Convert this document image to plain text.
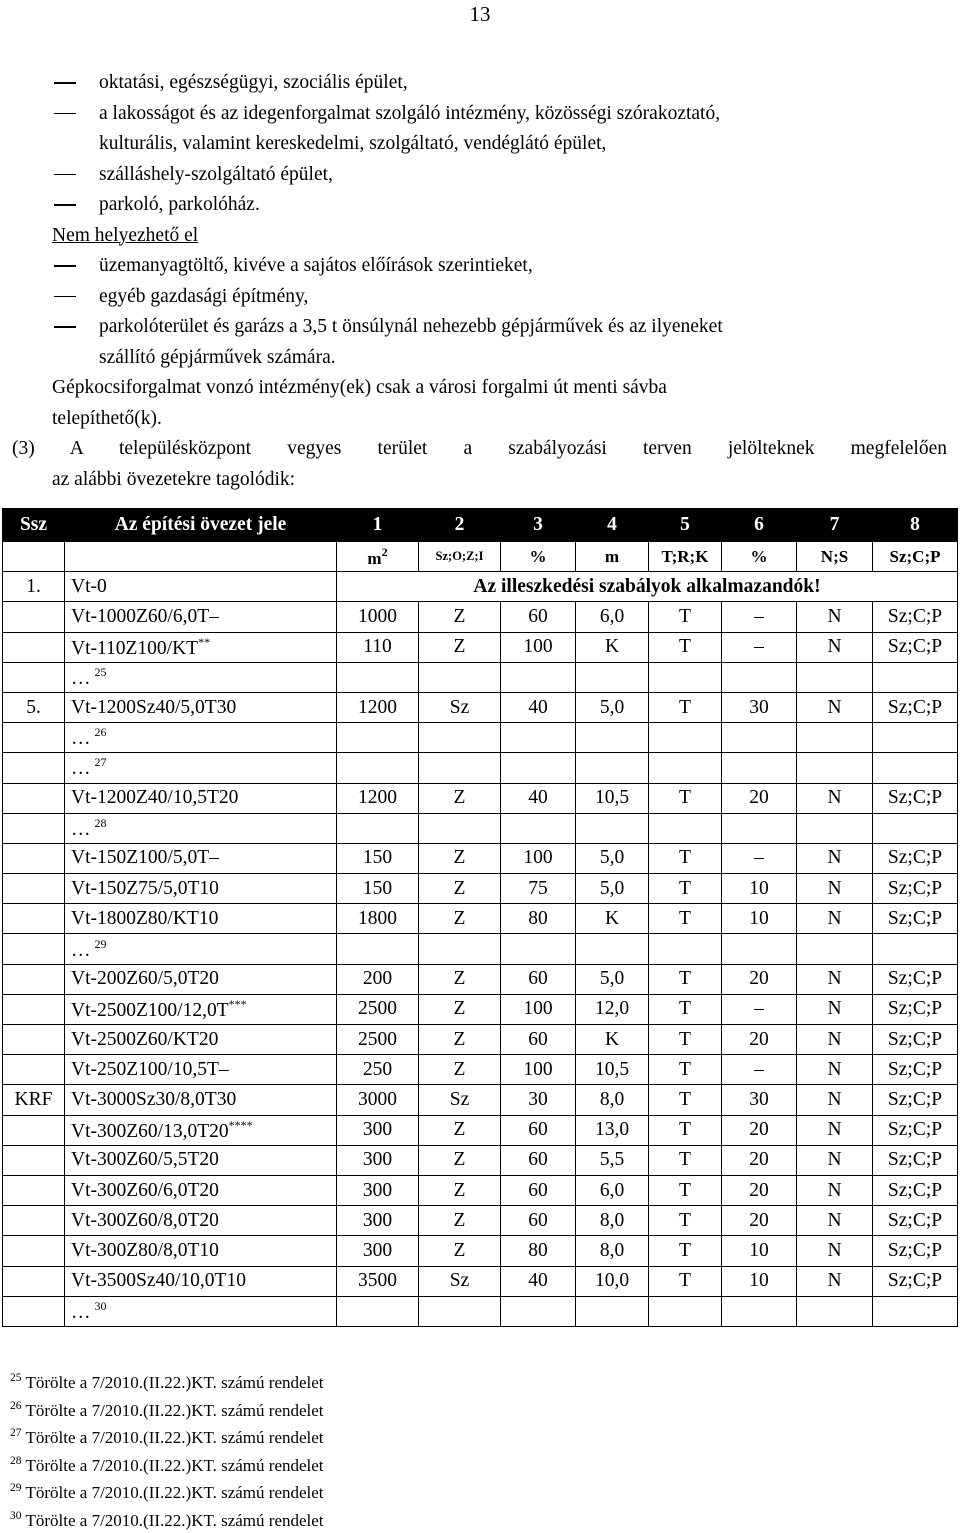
13
oktatási, egészségügyi, szociális épület,
a lakosságot és az idegenforgalmat szolgáló intézmény, közösségi szórakoztató,
kulturális, valamint kereskedelmi, szolgáltató, vendéglátó épület,
szálláshely-szolgáltató épület,
parkoló, parkolóház.
Nem helyezhető el
üzemanyagtöltő, kivéve a sajátos előírások szerintieket,
egyéb gazdasági építmény,
parkolóterület és garázs a 3,5 t önsúlynál nehezebb gépjárművek és az ilyeneket
szállító gépjárművek számára.
Gépkocsiforgalmat vonzó intézmény(ek) csak a városi forgalmi út menti sávba
telepíthető(k).
(3) A településközpont vegyes terület a szabályozási terven jelölteknek megfelelően
az alábbi övezetekre tagolódik:
Ssz	Az építési övezet jele	1	2	3	4	5	6	7	8
		$m^2$	Sz;O;Z;I	%	m	T;R;K	%	N;S	Sz;C;P
1.	Vt-0	Az illeszkedési szabályok alkalmazandók!							
	Vt-1000Z60/6,0T–	1000	Z	60	6,0	T	–	N	Sz;C;P
	Vt-110Z100/KT**	110	Z	100	K	T	–	N	Sz;C;P
	… $^{25}$								
5.	Vt-1200Sz40/5,0T30	1200	Sz	40	5,0	T	30	N	Sz;C;P
	… $^{26}$								
	… $^{27}$								
	Vt-1200Z40/10,5T20	1200	Z	40	10,5	T	20	N	Sz;C;P
	… $^{28}$								
	Vt-150Z100/5,0T–	150	Z	100	5,0	T	–	N	Sz;C;P
	Vt-150Z75/5,0T10	150	Z	75	5,0	T	10	N	Sz;C;P
	Vt-1800Z80/KT10	1800	Z	80	K	T	10	N	Sz;C;P
	… $^{29}$								
	Vt-200Z60/5,0T20	200	Z	60	5,0	T	20	N	Sz;C;P
	Vt-2500Z100/12,0T***	2500	Z	100	12,0	T	–	N	Sz;C;P
	Vt-2500Z60/KT20	2500	Z	60	K	T	20	N	Sz;C;P
	Vt-250Z100/10,5T–	250	Z	100	10,5	T	–	N	Sz;C;P
KRF	Vt-3000Sz30/8,0T30	3000	Sz	30	8,0	T	30	N	Sz;C;P
	Vt-300Z60/13,0T20****	300	Z	60	13,0	T	20	N	Sz;C;P
	Vt-300Z60/5,5T20	300	Z	60	5,5	T	20	N	Sz;C;P
	Vt-300Z60/6,0T20	300	Z	60	6,0	T	20	N	Sz;C;P
	Vt-300Z60/8,0T20	300	Z	60	8,0	T	20	N	Sz;C;P
	Vt-300Z80/8,0T10	300	Z	80	8,0	T	10	N	Sz;C;P
	Vt-3500Sz40/10,0T10	3500	Sz	40	10,0	T	10	N	Sz;C;P
	… $^{30}$								
$^{25}$ Törölte a 7/2010.(II.22.)KT. számú rendelet
$^{26}$ Törölte a 7/2010.(II.22.)KT. számú rendelet
$^{27}$ Törölte a 7/2010.(II.22.)KT. számú rendelet
$^{28}$ Törölte a 7/2010.(II.22.)KT. számú rendelet
$^{29}$ Törölte a 7/2010.(II.22.)KT. számú rendelet
$^{30}$ Törölte a 7/2010.(II.22.)KT. számú rendelet
